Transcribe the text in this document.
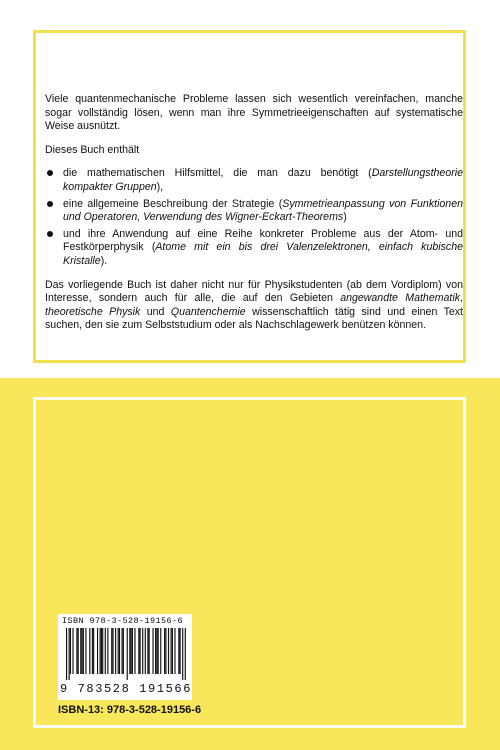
Viele quantenmechanische Probleme lassen sich wesentlich vereinfachen, manche sogar vollständig lösen, wenn man ihre Symmetrieeigenschaften auf systematische Weise ausnützt.

Dieses Buch enthält

die mathematischen Hilfsmittel, die man dazu benötigt (Darstellungstheorie kompakter Gruppen),
eine allgemeine Beschreibung der Strategie (Symmetrieanpassung von Funktionen und Operatoren, Verwendung des Wigner-Eckart-Theorems)
und ihre Anwendung auf eine Reihe konkreter Probleme aus der Atom- und Festkörperphysik (Atome mit ein bis drei Valenzelektronen, einfach kubische Kristalle).

Das vorliegende Buch ist daher nicht nur für Physikstudenten (ab dem Vordiplom) von Interesse, sondern auch für alle, die auf den Gebieten angewandte Mathematik, theoretische Physik und Quantenchemie wissenschaftlich tätig sind und einen Text suchen, den sie zum Selbststudium oder als Nachschlagewerk benützen können.

ISBN 978-3-528-19156-6
9 783528 191566
ISBN-13: 978-3-528-19156-6
